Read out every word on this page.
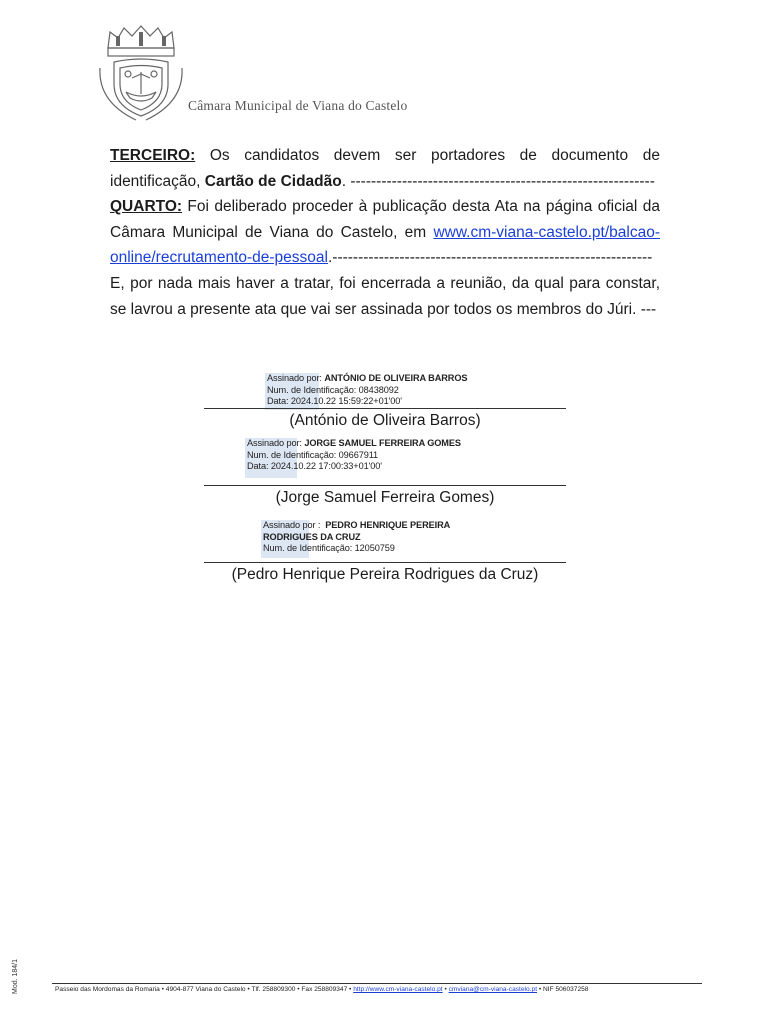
Câmara Municipal de Viana do Castelo

TERCEIRO: Os candidatos devem ser portadores de documento de identificação, Cartão de Cidadão. -----------------------------------------------------------

QUARTO: Foi deliberado proceder à publicação desta Ata na página oficial da Câmara Municipal de Viana do Castelo, em www.cm-viana-castelo.pt/balcao-online/recrutamento-de-pessoal.--------------------------------------------------------------

E, por nada mais haver a tratar, foi encerrada a reunião, da qual para constar, se lavrou a presente ata que vai ser assinada por todos os membros do Júri. ---

Assinado por: ANTÓNIO DE OLIVEIRA BARROS
Num. de Identificação: 08438092
Data: 2024.10.22 15:59:22+01'00'
(António de Oliveira Barros)
Assinado por: JORGE SAMUEL FERREIRA GOMES
Num. de Identificação: 09667911
Data: 2024.10.22 17:00:33+01'00'
(Jorge Samuel Ferreira Gomes)
Assinado por : PEDRO HENRIQUE PEREIRA
RODRIGUES DA CRUZ
Num. de Identificação: 12050759
(Pedro Henrique Pereira Rodrigues da Cruz)
Passeio das Mordomas da Romaria • 4904-877 Viana do Castelo • Tlf. 258809300 • Fax 258809347 • http://www.cm-viana-castelo.pt • cmviana@cm-viana-castelo.pt • NIF 506037258
Mod. 184/1
